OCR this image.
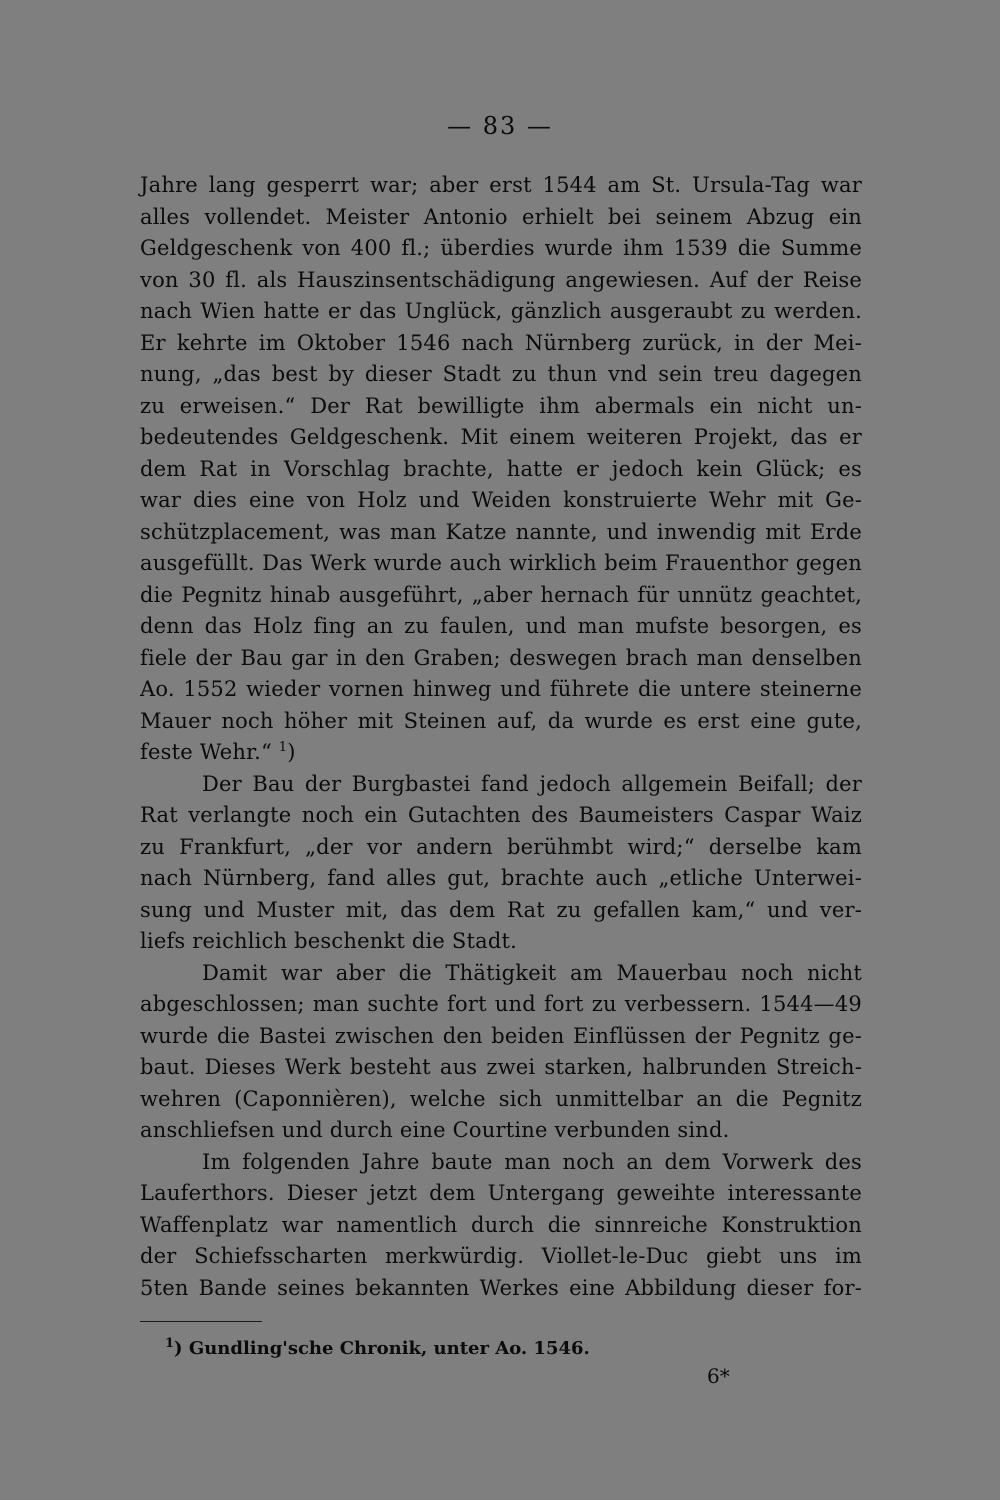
— 83 —
Jahre lang gesperrt war; aber erst 1544 am St. Ursula-Tag war
alles vollendet. Meister Antonio erhielt bei seinem Abzug ein
Geldgeschenk von 400 fl.; überdies wurde ihm 1539 die Summe
von 30 fl. als Hauszinsentschädigung angewiesen. Auf der Reise
nach Wien hatte er das Unglück, gänzlich ausgeraubt zu werden.
Er kehrte im Oktober 1546 nach Nürnberg zurück, in der Mei-
nung, „das best by dieser Stadt zu thun vnd sein treu dagegen
zu erweisen.“ Der Rat bewilligte ihm abermals ein nicht un-
bedeutendes Geldgeschenk. Mit einem weiteren Projekt, das er
dem Rat in Vorschlag brachte, hatte er jedoch kein Glück; es
war dies eine von Holz und Weiden konstruierte Wehr mit Ge-
schützplacement, was man Katze nannte, und inwendig mit Erde
ausgefüllt. Das Werk wurde auch wirklich beim Frauenthor gegen
die Pegnitz hinab ausgeführt, „aber hernach für unnütz geachtet,
denn das Holz fing an zu faulen, und man mufste besorgen, es
fiele der Bau gar in den Graben; deswegen brach man denselben
Ao. 1552 wieder vornen hinweg und führete die untere steinerne
Mauer noch höher mit Steinen auf, da wurde es erst eine gute,
feste Wehr.“ $^1$)
Der Bau der Burgbastei fand jedoch allgemein Beifall; der
Rat verlangte noch ein Gutachten des Baumeisters Caspar Waiz
zu Frankfurt, „der vor andern berühmbt wird;“ derselbe kam
nach Nürnberg, fand alles gut, brachte auch „etliche Unterwei-
sung und Muster mit, das dem Rat zu gefallen kam,“ und ver-
liefs reichlich beschenkt die Stadt.
Damit war aber die Thätigkeit am Mauerbau noch nicht
abgeschlossen; man suchte fort und fort zu verbessern. 1544—49
wurde die Bastei zwischen den beiden Einflüssen der Pegnitz ge-
baut. Dieses Werk besteht aus zwei starken, halbrunden Streich-
wehren (Caponnièren), welche sich unmittelbar an die Pegnitz
anschliefsen und durch eine Courtine verbunden sind.
Im folgenden Jahre baute man noch an dem Vorwerk des
Lauferthors. Dieser jetzt dem Untergang geweihte interessante
Waffenplatz war namentlich durch die sinnreiche Konstruktion
der Schiefsscharten merkwürdig. Viollet-le-Duc giebt uns im
5ten Bande seines bekannten Werkes eine Abbildung dieser for-
$^1$) Gundling'sche Chronik, unter Ao. 1546.
6*
